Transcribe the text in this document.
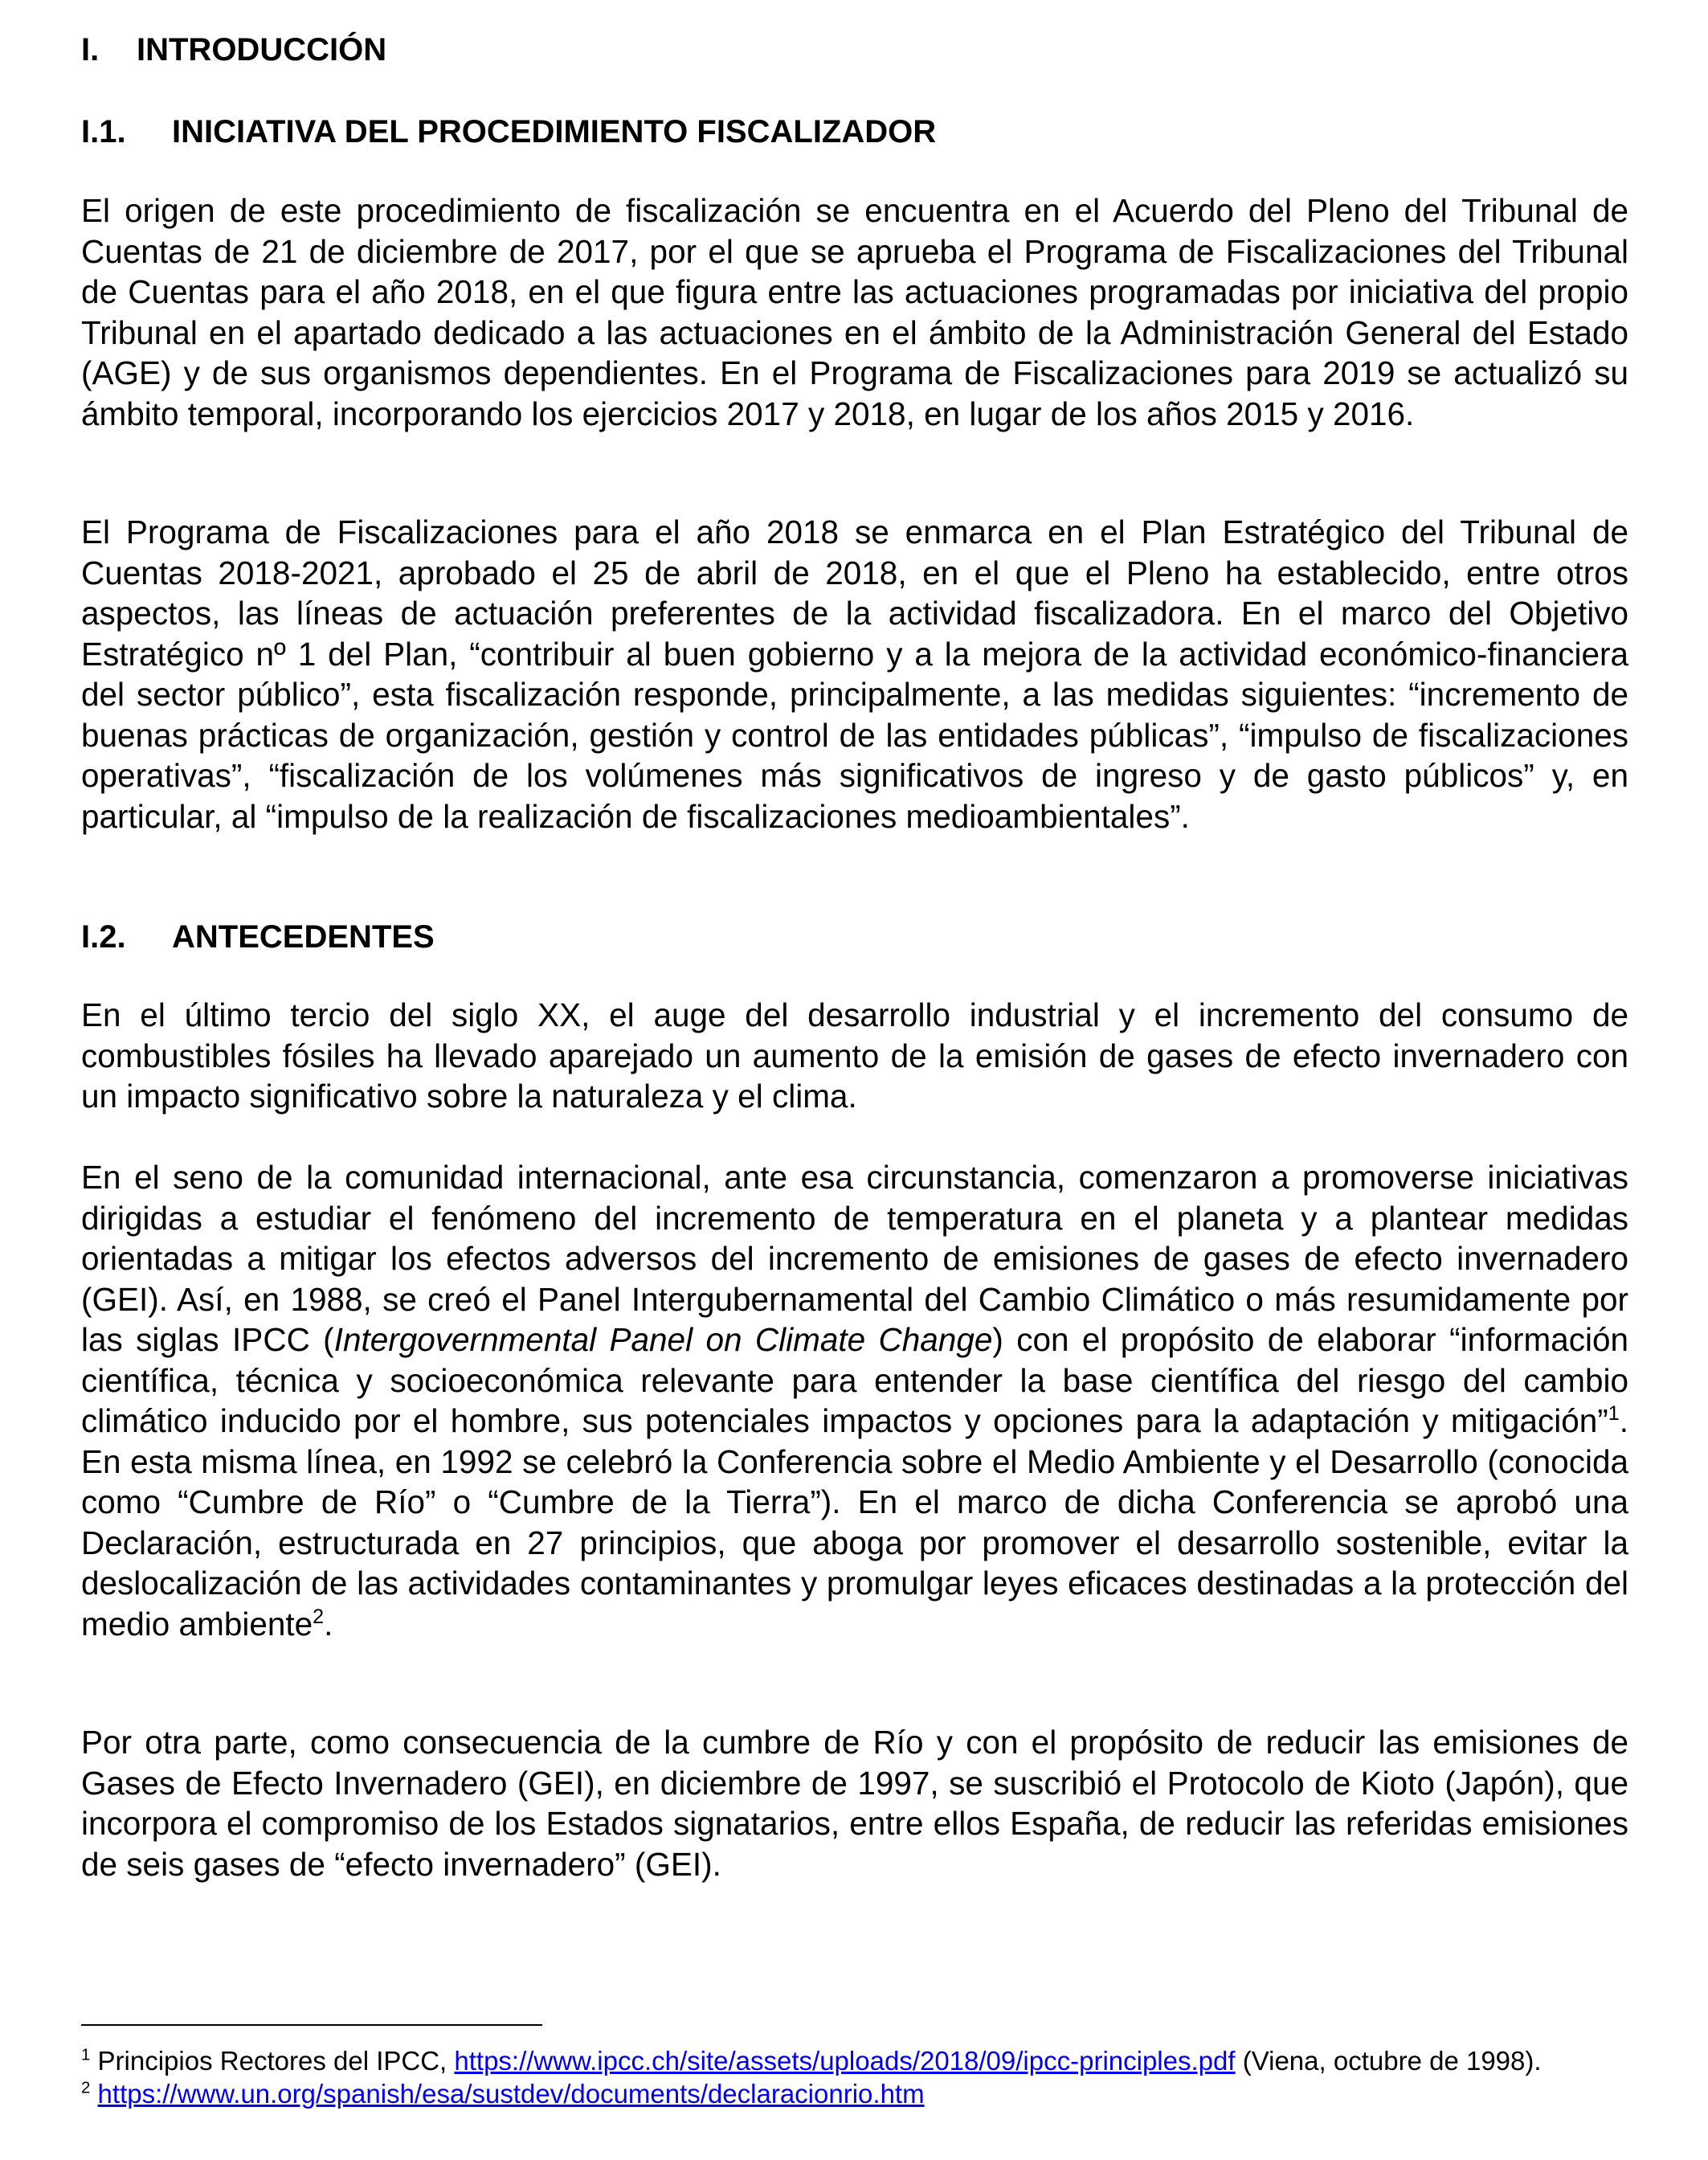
I. INTRODUCCIÓN
I.1. INICIATIVA DEL PROCEDIMIENTO FISCALIZADOR

El origen de este procedimiento de fiscalización se encuentra en el Acuerdo del Pleno del Tribunal de Cuentas de 21 de diciembre de 2017, por el que se aprueba el Programa de Fiscalizaciones del Tribunal de Cuentas para el año 2018, en el que figura entre las actuaciones programadas por iniciativa del propio Tribunal en el apartado dedicado a las actuaciones en el ámbito de la Administración General del Estado (AGE) y de sus organismos dependientes. En el Programa de Fiscalizaciones para 2019 se actualizó su ámbito temporal, incorporando los ejercicios 2017 y 2018, en lugar de los años 2015 y 2016.

El Programa de Fiscalizaciones para el año 2018 se enmarca en el Plan Estratégico del Tribunal de Cuentas 2018-2021, aprobado el 25 de abril de 2018, en el que el Pleno ha establecido, entre otros aspectos, las líneas de actuación preferentes de la actividad fiscalizadora. En el marco del Objetivo Estratégico nº 1 del Plan, “contribuir al buen gobierno y a la mejora de la actividad económico-financiera del sector público”, esta fiscalización responde, principalmente, a las medidas siguientes: “incremento de buenas prácticas de organización, gestión y control de las entidades públicas”, “impulso de fiscalizaciones operativas”, “fiscalización de los volúmenes más significativos de ingreso y de gasto públicos” y, en particular, al “impulso de la realización de fiscalizaciones medioambientales”.

I.2. ANTECEDENTES

En el último tercio del siglo XX, el auge del desarrollo industrial y el incremento del consumo de combustibles fósiles ha llevado aparejado un aumento de la emisión de gases de efecto invernadero con un impacto significativo sobre la naturaleza y el clima.

En el seno de la comunidad internacional, ante esa circunstancia, comenzaron a promoverse iniciativas dirigidas a estudiar el fenómeno del incremento de temperatura en el planeta y a plantear medidas orientadas a mitigar los efectos adversos del incremento de emisiones de gases de efecto invernadero (GEI). Así, en 1988, se creó el Panel Intergubernamental del Cambio Climático o más resumidamente por las siglas IPCC (Intergovernmental Panel on Climate Change) con el propósito de elaborar “información científica, técnica y socioeconómica relevante para entender la base científica del riesgo del cambio climático inducido por el hombre, sus potenciales impactos y opciones para la adaptación y mitigación”$^1$. En esta misma línea, en 1992 se celebró la Conferencia sobre el Medio Ambiente y el Desarrollo (conocida como “Cumbre de Río” o “Cumbre de la Tierra”). En el marco de dicha Conferencia se aprobó una Declaración, estructurada en 27 principios, que aboga por promover el desarrollo sostenible, evitar la deslocalización de las actividades contaminantes y promulgar leyes eficaces destinadas a la protección del medio ambiente$^2$.

Por otra parte, como consecuencia de la cumbre de Río y con el propósito de reducir las emisiones de Gases de Efecto Invernadero (GEI), en diciembre de 1997, se suscribió el Protocolo de Kioto (Japón), que incorpora el compromiso de los Estados signatarios, entre ellos España, de reducir las referidas emisiones de seis gases de “efecto invernadero” (GEI).

$^1$ Principios Rectores del IPCC, https://www.ipcc.ch/site/assets/uploads/2018/09/ipcc-principles.pdf (Viena, octubre de 1998).

$^2$ https://www.un.org/spanish/esa/sustdev/documents/declaracionrio.htm
